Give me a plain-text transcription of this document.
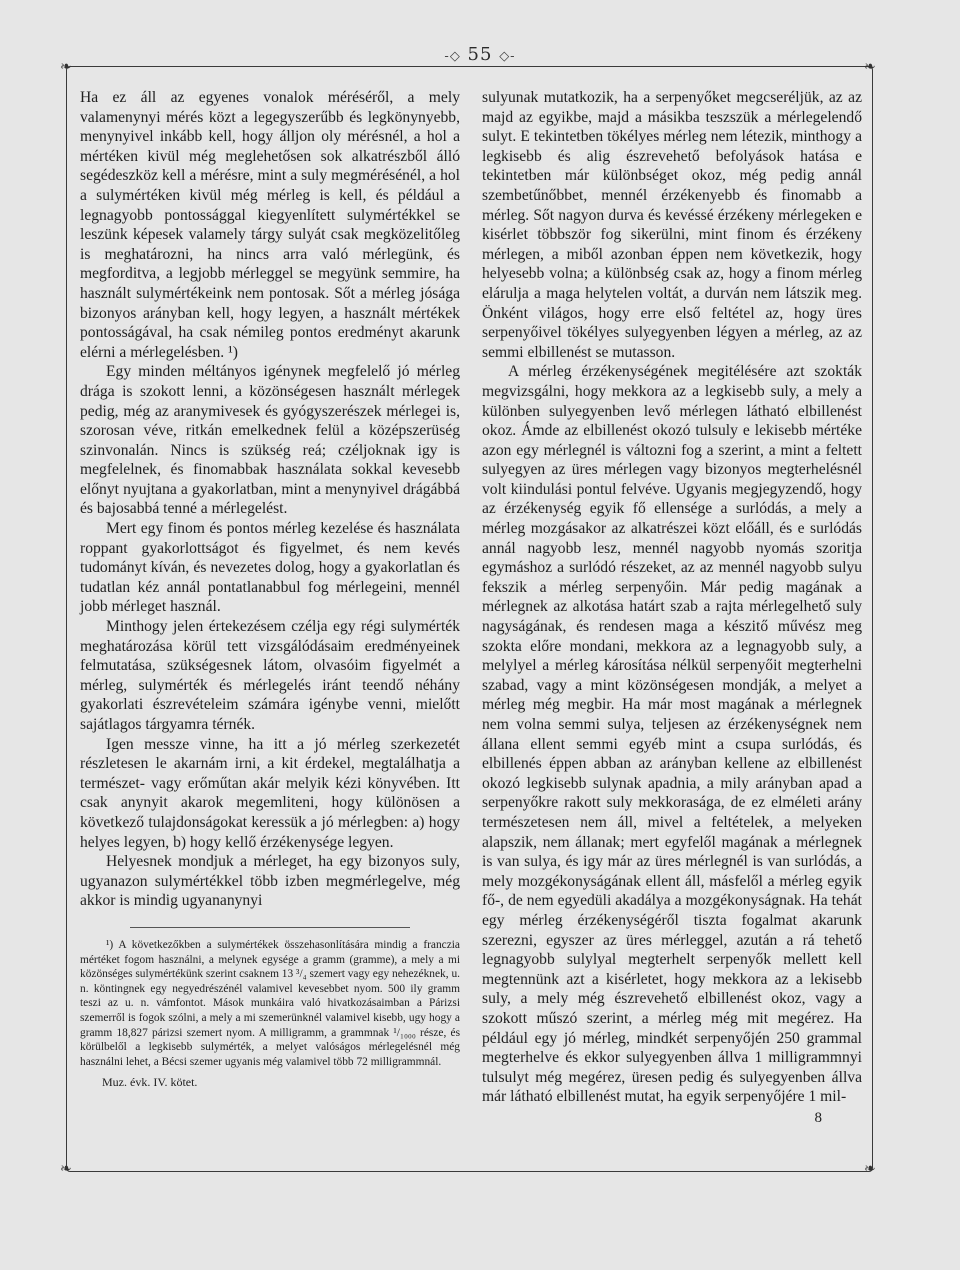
-◇ 55 ◇-
❧	❧
❧	❧

Ha ez áll az egyenes vonalok méréséről, a mely valamenynyi mérés közt a legegyszerűbb és legkönynyebb, menynyivel inkább kell, hogy álljon oly mérésnél, a hol a mértéken kivül még meglehetősen sok alkatrészből álló segédeszköz kell a mérésre, mint a suly megmérésénél, a hol a sulymértéken kivül még mérleg is kell, és például a legnagyobb pontossággal kiegyenlített sulymértékkel se leszünk képesek valamely tárgy sulyát csak megközelitőleg is meghatározni, ha nincs arra való mérlegünk, és megforditva, a legjobb mérleggel se megyünk semmire, ha használt sulymértékeink nem pontosak. Sőt a mérleg jósága bizonyos arányban kell, hogy legyen, a használt mértékek pontosságával, ha csak némileg pontos eredményt akarunk elérni a mérlegelésben. ¹)

Egy minden méltányos igénynek megfelelő jó mérleg drága is szokott lenni, a közönségesen használt mérlegek pedig, még az aranymivesek és gyógyszerészek mérlegei is, szorosan véve, ritkán emelkednek felül a középszerüség szinvonalán. Nincs is szükség reá; czéljoknak igy is megfelelnek, és finomabbak használata sokkal kevesebb előnyt nyujtana a gyakorlatban, mint a menynyivel drágábbá és bajosabbá tenné a mérlegelést.

Mert egy finom és pontos mérleg kezelése és használata roppant gyakorlottságot és figyelmet, és nem kevés tudományt kíván, és nevezetes dolog, hogy a gyakorlatlan és tudatlan kéz annál pontatlanabbul fog mérlegeini, mennél jobb mérleget használ.

Minthogy jelen értekezésem czélja egy régi sulymérték meghatározása körül tett vizsgálódásaim eredményeinek felmutatása, szükségesnek látom, olvasóim figyelmét a mérleg, sulymérték és mérlegelés iránt teendő néhány gyakorlati észrevételeim számára igénybe venni, mielőtt sajátlagos tárgyamra térnék.

Igen messze vinne, ha itt a jó mérleg szerkezetét részletesen le akarnám irni, a kit érdekel, megtalálhatja a természet- vagy erőműtan akár melyik kézi könyvében. Itt csak anynyit akarok megemliteni, hogy különösen a következő tulajdonságokat keressük a jó mérlegben: a) hogy helyes legyen, b) hogy kellő érzékenysége legyen.

Helyesnek mondjuk a mérleget, ha egy bizonyos suly, ugyanazon sulymértékkel több izben megmérlegelve, még akkor is mindig ugyananynyi

¹) A következőkben a sulymértékek összehasonlítására mindig a franczia mértéket fogom használni, a melynek egysége a gramm (gramme), a mely a mi közönséges sulymértékünk szerint csaknem 13 ³/₄ szemert vagy egy nehezéknek, u. n. köntingnek egy negyedrészénél valamivel kevesebbet nyom. 500 ily gramm teszi az u. n. vámfontot. Mások munkáira való hivatkozásaimban a Párizsi szemerről is fogok szólni, a mely a mi szemerünknél valamivel kisebb, ugy hogy a gramm 18,827 párizsi szemert nyom. A milligramm, a grammnak ¹/₁₀₀₀ része, és körülbelől a legkisebb sulymérték, a melyet valóságos mérlegelésnél még használni lehet, a Bécsi szemer ugyanis még valamivel több 72 milligrammnál.

Muz. évk. IV. kötet.

sulyunak mutatkozik, ha a serpenyőket megcseréljük, az az majd az egyikbe, majd a másikba teszszük a mérlegelendő sulyt. E tekintetben tökélyes mérleg nem létezik, minthogy a legkisebb és alig észrevehető befolyások hatása e tekintetben már különbséget okoz, még pedig annál szembetűnőbbet, mennél érzékenyebb és finomabb a mérleg. Sőt nagyon durva és kevéssé érzékeny mérlegeken e kisérlet többször fog sikerülni, mint finom és érzékeny mérlegen, a miből azonban éppen nem következik, hogy helyesebb volna; a különbség csak az, hogy a finom mérleg elárulja a maga helytelen voltát, a durván nem látszik meg. Önként világos, hogy erre első feltétel az, hogy üres serpenyőivel tökélyes sulyegyenben légyen a mérleg, az az semmi elbillenést se mutasson.

A mérleg érzékenységének megitélésére azt szokták megvizsgálni, hogy mekkora az a legkisebb suly, a mely a különben sulyegyenben levő mérlegen látható elbillenést okoz. Ámde az elbillenést okozó tulsuly e lekisebb mértéke azon egy mérlegnél is változni fog a szerint, a mint a feltett sulyegyen az üres mérlegen vagy bizonyos megterhelésnél volt kiindulási pontul felvéve. Ugyanis megjegyzendő, hogy az érzékenység egyik fő ellensége a surlódás, a mely a mérleg mozgásakor az alkatrészei közt előáll, és e surlódás annál nagyobb lesz, mennél nagyobb nyomás szoritja egymáshoz a surlódó részeket, az az mennél nagyobb sulyu fekszik a mérleg serpenyőin. Már pedig magának a mérlegnek az alkotása határt szab a rajta mérlegelhető suly nagyságának, és rendesen maga a készitő művész meg szokta előre mondani, mekkora az a legnagyobb suly, a melylyel a mérleg károsítása nélkül serpenyőit megterhelni szabad, vagy a mint közönségesen mondják, a melyet a mérleg még megbir. Ha már most magának a mérlegnek nem volna semmi sulya, teljesen az érzékenységnek nem állana ellent semmi egyéb mint a csupa surlódás, és elbillenés éppen abban az arányban kellene az elbillenést okozó legkisebb sulynak apadnia, a mily arányban apad a serpenyőkre rakott suly mekkorasága, de ez elméleti arány természetesen nem áll, mivel a feltételek, a melyeken alapszik, nem állanak; mert egyfelől magának a mérlegnek is van sulya, és igy már az üres mérlegnél is van surlódás, a mely mozgékonyságának ellent áll, másfelől a mérleg egyik fő-, de nem egyedüli akadálya a mozgékonyságnak. Ha tehát egy mérleg érzékenységéről tiszta fogalmat akarunk szerezni, egyszer az üres mérleggel, azután a rá tehető legnagyobb sulylyal megterhelt serpenyők mellett kell megtennünk azt a kisérletet, hogy mekkora az a lekisebb suly, a mely még észrevehető elbillenést okoz, vagy a szokott műszó szerint, a mérleg még mit megérez. Ha például egy jó mérleg, mindkét serpenyőjén 250 grammal megterhelve és ekkor sulyegyenben állva 1 milligrammnyi tulsulyt még megérez, üresen pedig és sulyegyenben állva már látható elbillenést mutat, ha egyik serpenyőjére 1 mil-

8
